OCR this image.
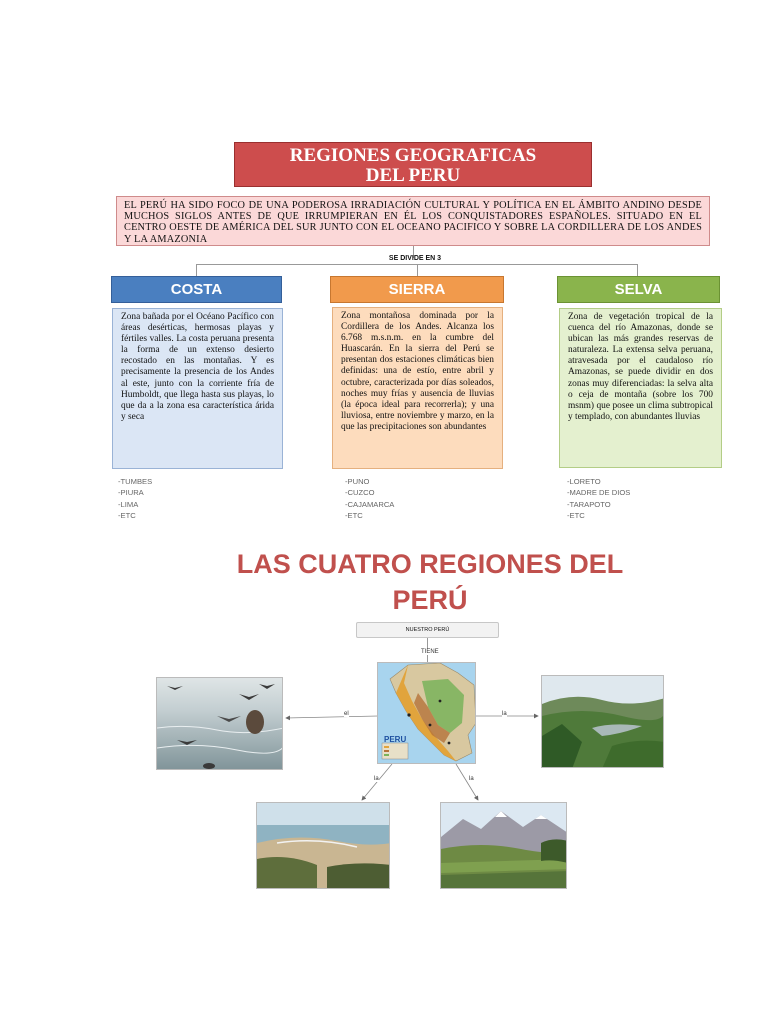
REGIONES GEOGRAFICAS
DEL PERU
EL PERÚ HA SIDO FOCO DE UNA PODEROSA IRRADIACIÓN CULTURAL Y POLÍTICA EN EL ÁMBITO ANDINO DESDE MUCHOS SIGLOS ANTES DE QUE IRRUMPIERAN EN ÉL LOS CONQUISTADORES ESPAÑOLES. SITUADO EN EL CENTRO OESTE DE AMÉRICA DEL SUR JUNTO CON EL OCEANO PACIFICO Y SOBRE LA CORDILLERA DE LOS ANDES Y LA AMAZONIA
SE DIVIDE EN 3
COSTA	SIERRA	SELVA
Zona bañada por el Océano Pacífico con áreas desérticas, hermosas playas y fértiles valles. La costa peruana presenta la forma de un extenso desierto recostado en las montañas. Y es precisamente la presencia de los Andes al este, junto con la corriente fría de Humboldt, que llega hasta sus playas, lo que da a la zona esa característica árida y seca
Zona montañosa dominada por la Cordillera de los Andes. Alcanza los 6.768 m.s.n.m. en la cumbre del Huascarán. En la sierra del Perú se presentan dos estaciones climáticas bien definidas: una de estío, entre abril y octubre, caracterizada por días soleados, noches muy frías y ausencia de lluvias (la época ideal para recorrerla); y una lluviosa, entre noviembre y marzo, en la que las precipitaciones son abundantes
Zona de vegetación tropical de la cuenca del río Amazonas, donde se ubican las más grandes reservas de naturaleza. La extensa selva peruana, atravesada por el caudaloso río Amazonas, se puede dividir en dos zonas muy diferenciadas: la selva alta o ceja de montaña (sobre los 700 msnm) que posee un clima subtropical y templado, con abundantes lluvias
-TUMBES
-PIURA
-LIMA
-ETC
-PUNO
-CUZCO
-CAJAMARCA
-ETC
-LORETO
-MADRE DE DIOS
-TARAPOTO
-ETC
LAS CUATRO REGIONES DEL
PERÚ
NUESTRO PERÚ
TIENE
el	la
la	la
PERU
